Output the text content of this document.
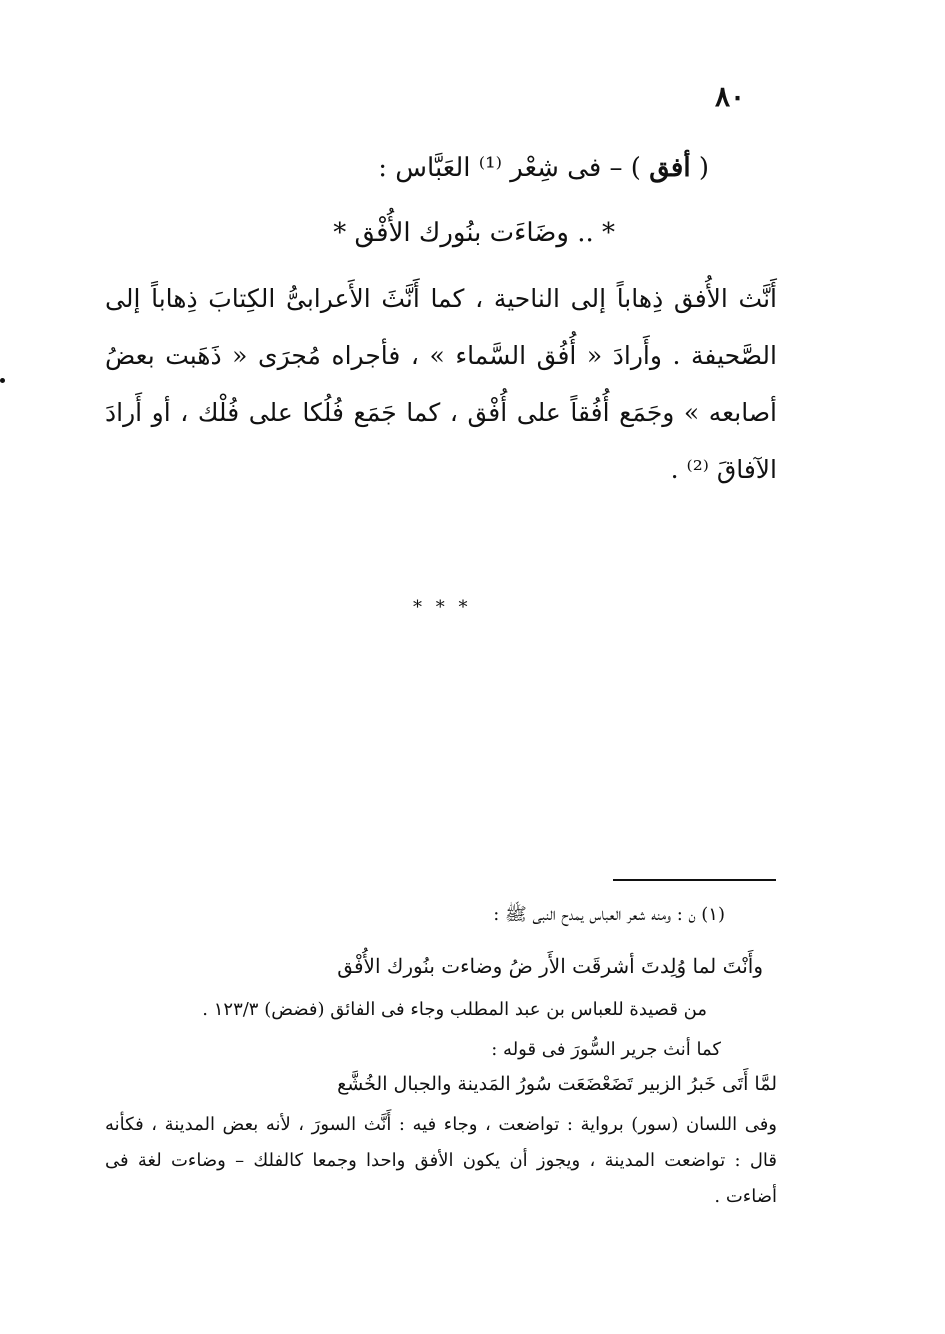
٨٠
( أفق ) – فى شِعْر ⁽¹⁾ العَبَّاس :
* .. وضَاءَت بنُورك الأُفْق *
أَنَّث الأُفق ذِهاباً إلى الناحية ، كما أَنَّثَ الأَعرابىُّ الكِتابَ ذِهاباً إلى الصَّحيفة . وأَرادَ « أُفُق السَّماء » ، فأجراه مُجرَى « ذَهَبت بعضُ أصابعه » وجَمَع أُفُقاً على أُفْق ، كما جَمَع فُلُكا على فُلْك ، أو أَرادَ الآفاقَ ⁽²⁾ .
* * *
(١) ن : ومنه شعر العباس يمدح النبى ﷺ :
وأَنْتَ لما وُلِدتَ أشرقَت الأَر ضُ وضاءت بنُورك الأُفْق
من قصيدة للعباس بن عبد المطلب وجاء فى الفائق (فضض) ١٢٣/٣ .
كما أنث جرير السُّورَ فى قوله :
لمَّا أَتَى خَبرُ الزبير تَضَعْضَعَت سُورُ المَدينة والجبال الخُشَّع
وفى اللسان (سور) برواية : تواضعت ، وجاء فيه : أَنَّث السورَ ، لأنه بعض المدينة ، فكأنه قال : تواضعت المدينة ، ويجوز أن يكون الأفق واحدا وجمعا كالفلك – وضاءت لغة فى أضاءت .
